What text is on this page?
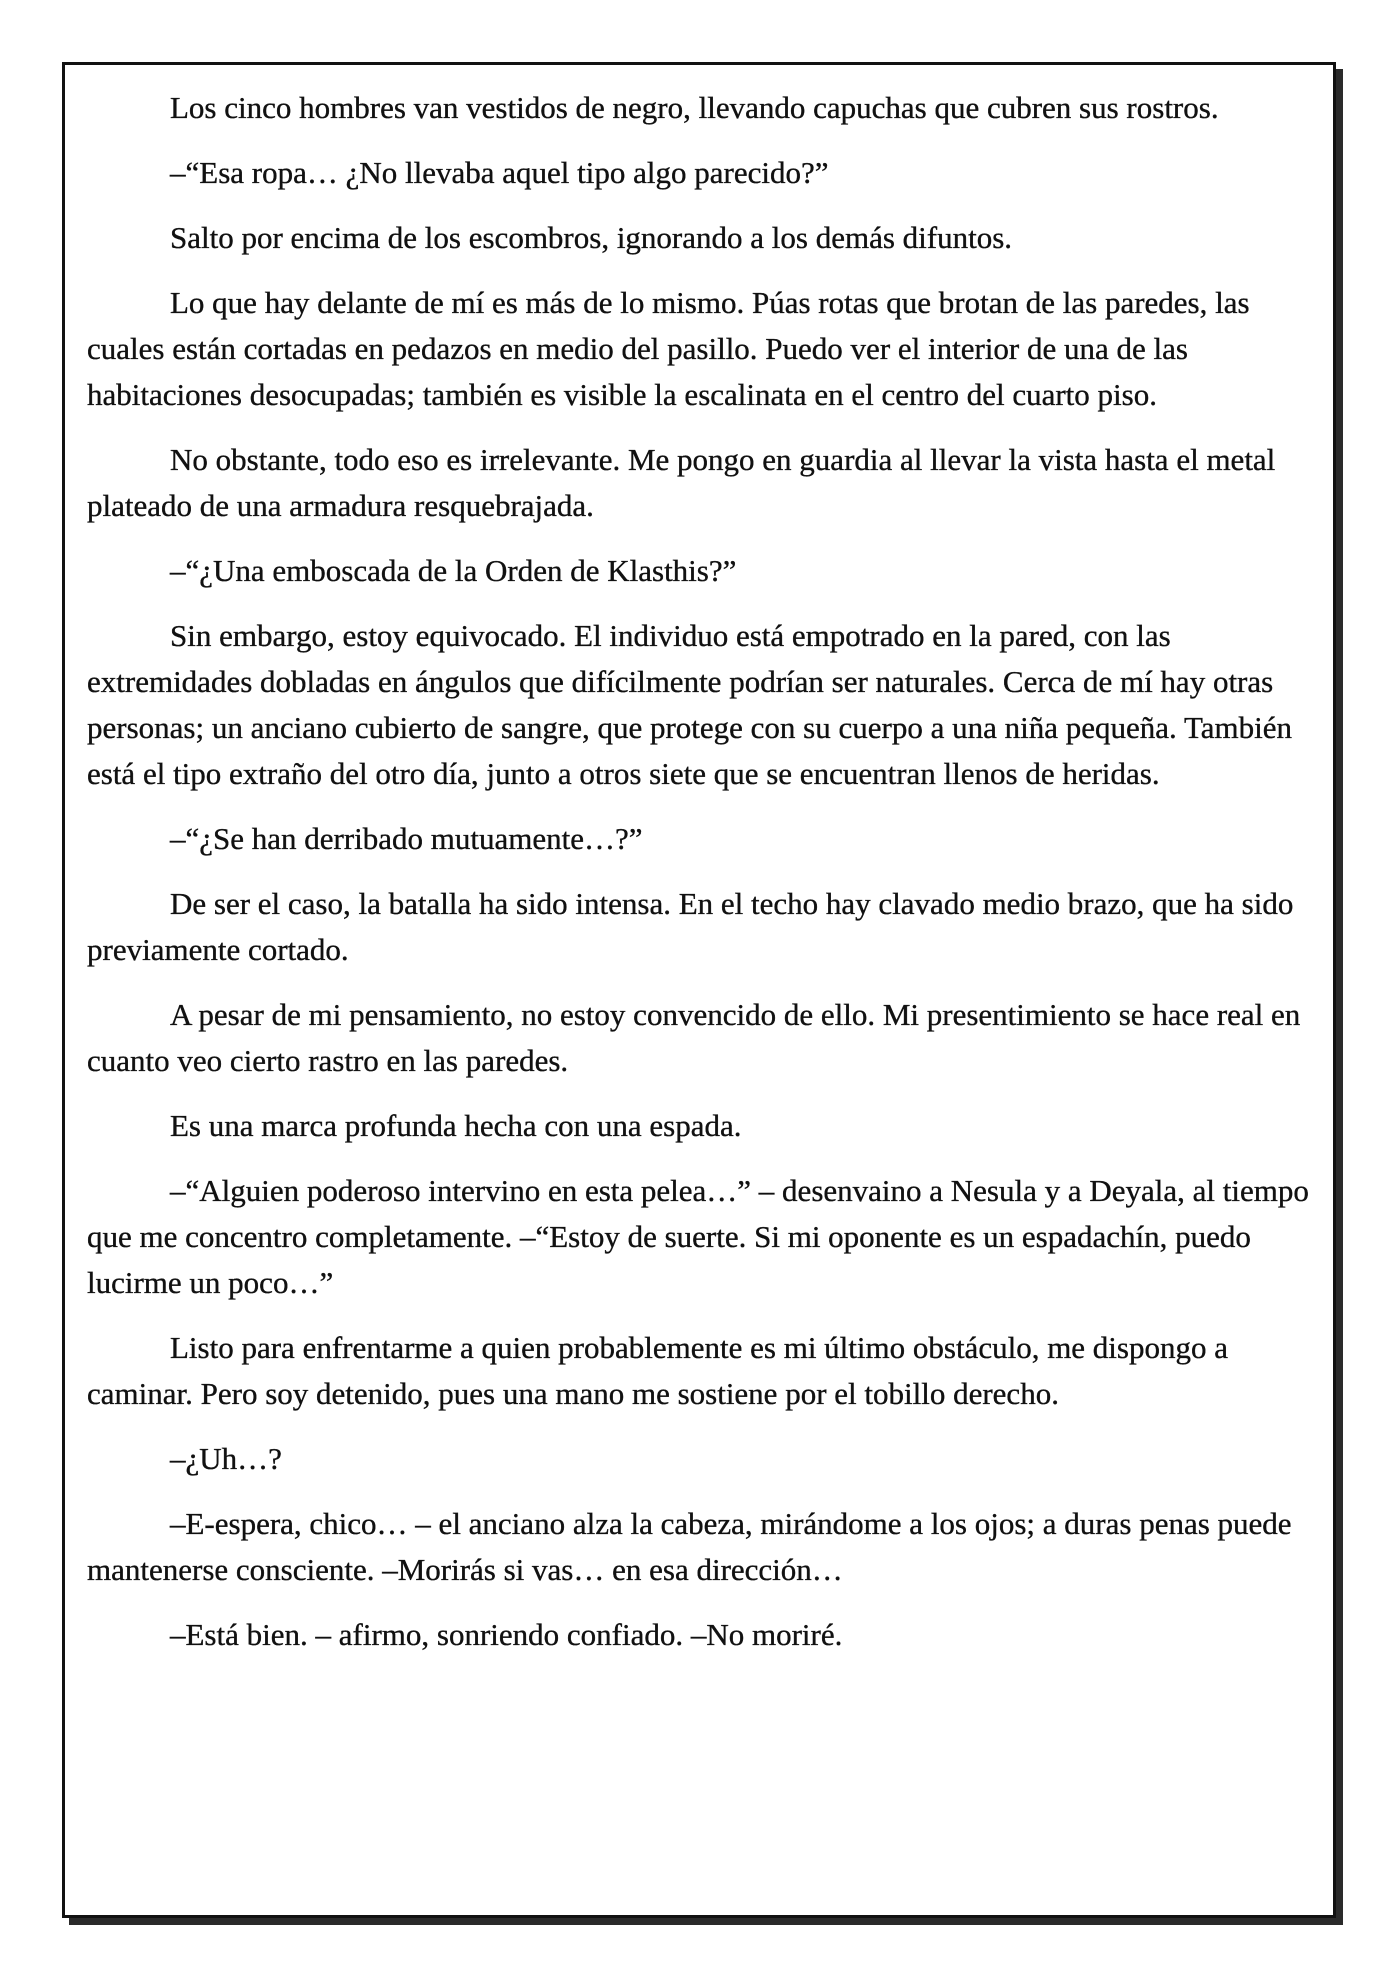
Los cinco hombres van vestidos de negro, llevando capuchas que cubren sus rostros.

–“Esa ropa… ¿No llevaba aquel tipo algo parecido?”

Salto por encima de los escombros, ignorando a los demás difuntos.

Lo que hay delante de mí es más de lo mismo. Púas rotas que brotan de las paredes, las cuales están cortadas en pedazos en medio del pasillo. Puedo ver el interior de una de las habitaciones desocupadas; también es visible la escalinata en el centro del cuarto piso.

No obstante, todo eso es irrelevante. Me pongo en guardia al llevar la vista hasta el metal plateado de una armadura resquebrajada.

–“¿Una emboscada de la Orden de Klasthis?”

Sin embargo, estoy equivocado. El individuo está empotrado en la pared, con las extremidades dobladas en ángulos que difícilmente podrían ser naturales. Cerca de mí hay otras personas; un anciano cubierto de sangre, que protege con su cuerpo a una niña pequeña. También está el tipo extraño del otro día, junto a otros siete que se encuentran llenos de heridas.

–“¿Se han derribado mutuamente…?”

De ser el caso, la batalla ha sido intensa. En el techo hay clavado medio brazo, que ha sido previamente cortado.

A pesar de mi pensamiento, no estoy convencido de ello. Mi presentimiento se hace real en cuanto veo cierto rastro en las paredes.

Es una marca profunda hecha con una espada.

–“Alguien poderoso intervino en esta pelea…” – desenvaino a Nesula y a Deyala, al tiempo que me concentro completamente. –“Estoy de suerte. Si mi oponente es un espadachín, puedo lucirme un poco…”

Listo para enfrentarme a quien probablemente es mi último obstáculo, me dispongo a caminar. Pero soy detenido, pues una mano me sostiene por el tobillo derecho.

–¿Uh…?

–E-espera, chico… – el anciano alza la cabeza, mirándome a los ojos; a duras penas puede mantenerse consciente. –Morirás si vas… en esa dirección…

–Está bien. – afirmo, sonriendo confiado. –No moriré.
